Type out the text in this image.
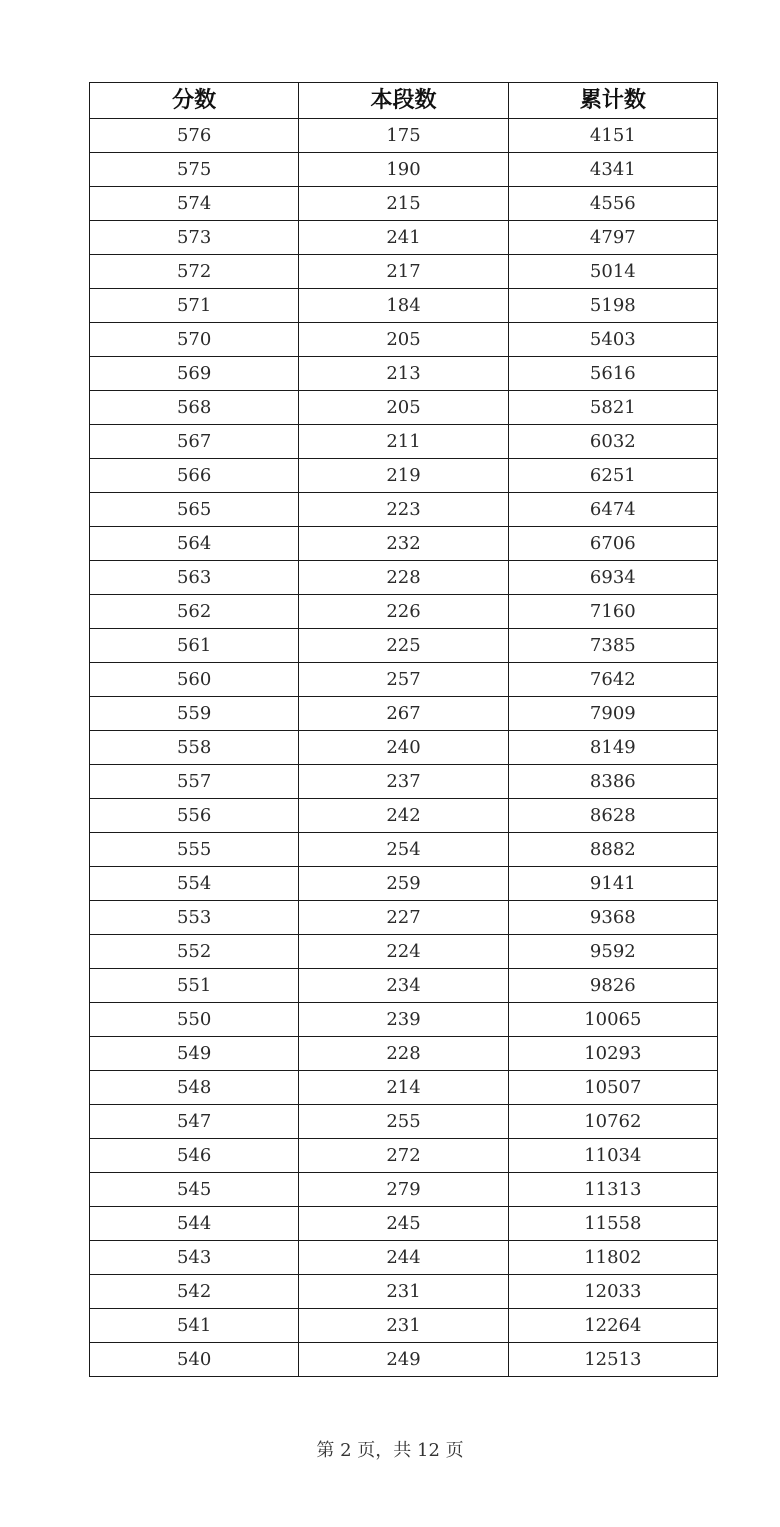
分数	本段数	累计数
576	175	4151
575	190	4341
574	215	4556
573	241	4797
572	217	5014
571	184	5198
570	205	5403
569	213	5616
568	205	5821
567	211	6032
566	219	6251
565	223	6474
564	232	6706
563	228	6934
562	226	7160
561	225	7385
560	257	7642
559	267	7909
558	240	8149
557	237	8386
556	242	8628
555	254	8882
554	259	9141
553	227	9368
552	224	9592
551	234	9826
550	239	10065
549	228	10293
548	214	10507
547	255	10762
546	272	11034
545	279	11313
544	245	11558
543	244	11802
542	231	12033
541	231	12264
540	249	12513
第 2 页，共 12 页
